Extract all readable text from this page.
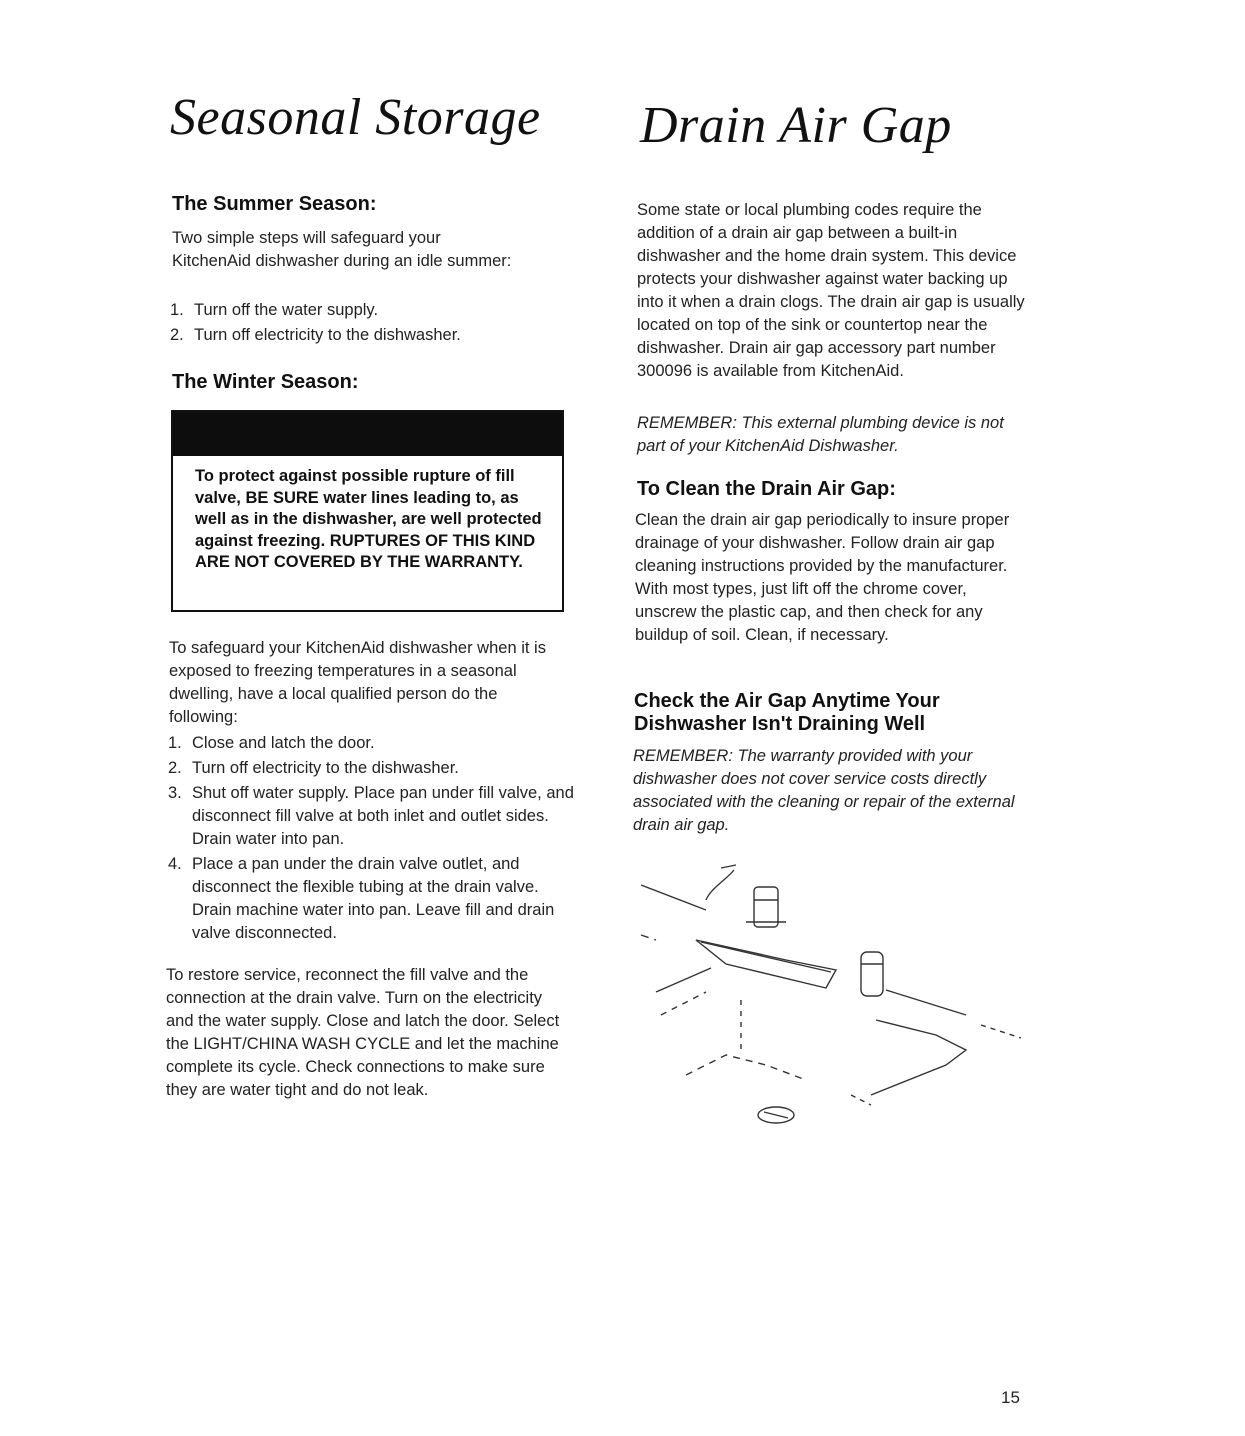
Seasonal Storage
The Summer Season:

Two simple steps will safeguard your KitchenAid dishwasher during an idle summer:

1. Turn off the water supply.
2. Turn off electricity to the dishwasher.
The Winter Season:

To protect against possible rupture of fill valve, BE SURE water lines leading to, as well as in the dishwasher, are well protected against freezing. RUPTURES OF THIS KIND ARE NOT COVERED BY THE WARRANTY.

To safeguard your KitchenAid dishwasher when it is exposed to freezing temperatures in a seasonal dwelling, have a local qualified person do the following:

1. Close and latch the door.
2. Turn off electricity to the dishwasher.
3. Shut off water supply. Place pan under fill valve, and disconnect fill valve at both inlet and outlet sides. Drain water into pan.
4. Place a pan under the drain valve outlet, and disconnect the flexible tubing at the drain valve. Drain machine water into pan. Leave fill and drain valve disconnected.

To restore service, reconnect the fill valve and the connection at the drain valve. Turn on the electricity and the water supply. Close and latch the door. Select the LIGHT/CHINA WASH CYCLE and let the machine complete its cycle. Check connections to make sure they are water tight and do not leak.

Drain Air Gap

Some state or local plumbing codes require the addition of a drain air gap between a built-in dishwasher and the home drain system. This device protects your dishwasher against water backing up into it when a drain clogs. The drain air gap is usually located on top of the sink or countertop near the dishwasher. Drain air gap accessory part number 300096 is available from KitchenAid.

REMEMBER: This external plumbing device is not part of your KitchenAid Dishwasher.

To Clean the Drain Air Gap:

Clean the drain air gap periodically to insure proper drainage of your dishwasher. Follow drain air gap cleaning instructions provided by the manufacturer. With most types, just lift off the chrome cover, unscrew the plastic cap, and then check for any buildup of soil. Clean, if necessary.

Check the Air Gap Anytime Your Dishwasher Isn't Draining Well

REMEMBER: The warranty provided with your dishwasher does not cover service costs directly associated with the cleaning or repair of the external drain air gap.

15
